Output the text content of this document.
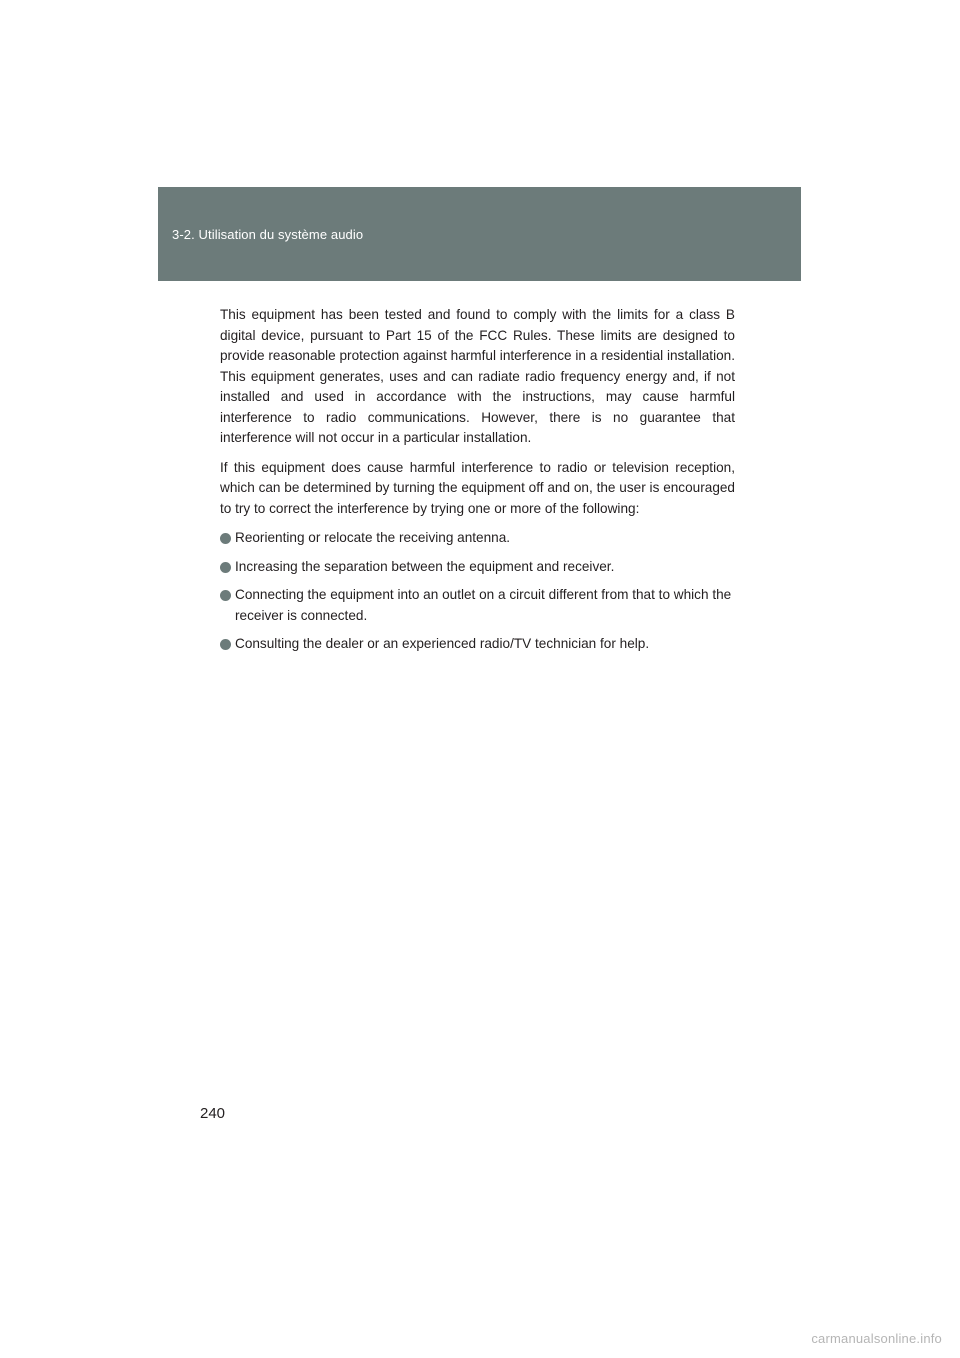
3-2. Utilisation du système audio

This equipment has been tested and found to comply with the limits for a class B digital device, pursuant to Part 15 of the FCC Rules. These limits are designed to provide reasonable protection against harmful interference in a residential installation. This equipment generates, uses and can radiate radio frequency energy and, if not installed and used in accordance with the instructions, may cause harmful interference to radio communications. However, there is no guarantee that interference will not occur in a particular installation.

If this equipment does cause harmful interference to radio or television reception, which can be determined by turning the equipment off and on, the user is encouraged to try to correct the interference by trying one or more of the following:

Reorienting or relocate the receiving antenna.
Increasing the separation between the equipment and receiver.
Connecting the equipment into an outlet on a circuit different from that to which the receiver is connected.
Consulting the dealer or an experienced radio/TV technician for help.
240
carmanualsonline.info
